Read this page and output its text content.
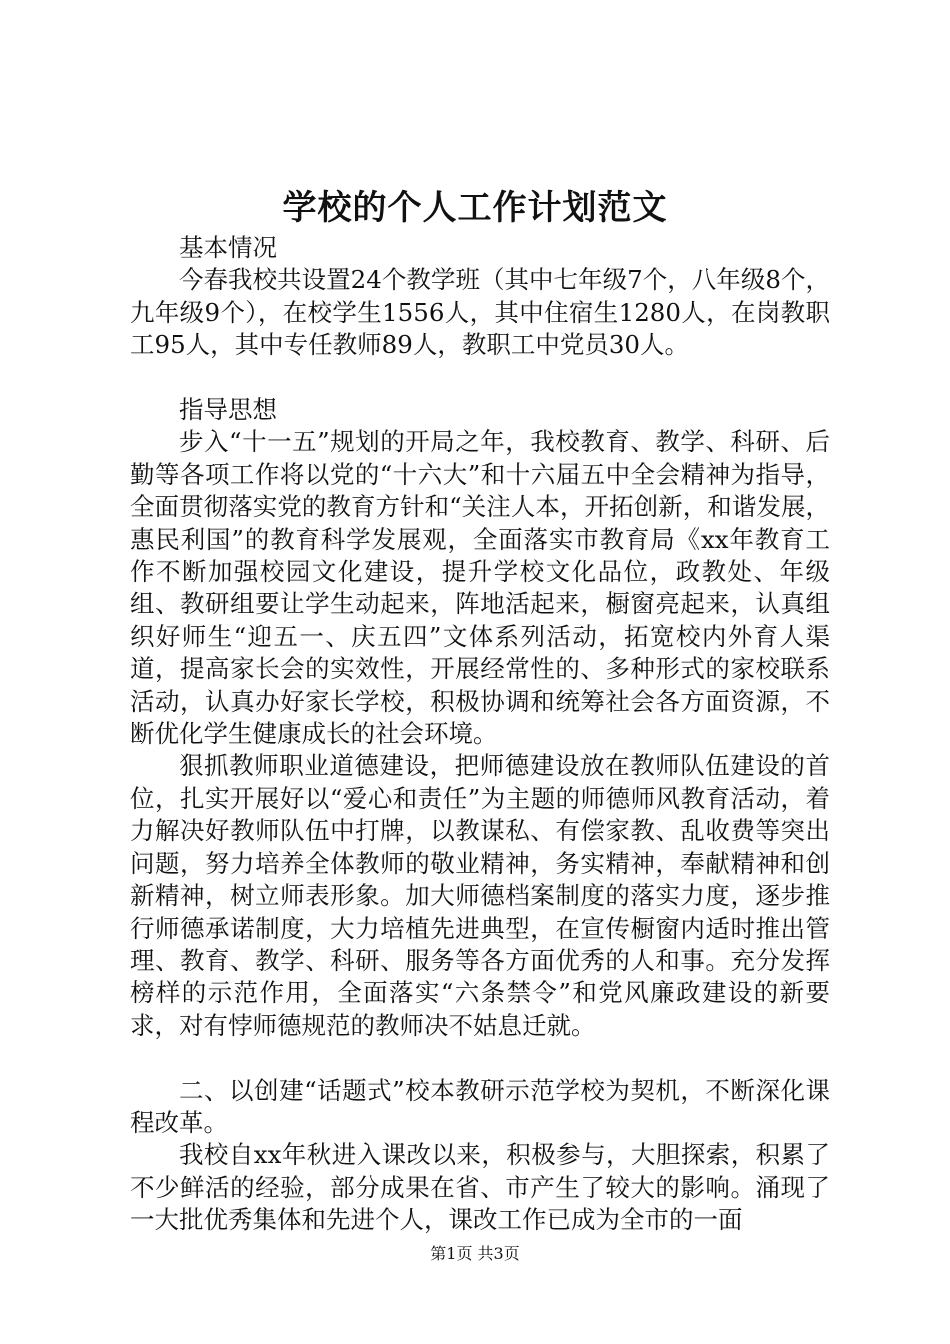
学校的个人工作计划范文

基本情况

今春我校共设置24个教学班（其中七年级7个，八年级8个，九年级9个），在校学生1556人，其中住宿生1280人，在岗教职工95人，其中专任教师89人，教职工中党员30人。

指导思想

步入“十一五”规划的开局之年，我校教育、教学、科研、后勤等各项工作将以党的“十六大”和十六届五中全会精神为指导，全面贯彻落实党的教育方针和“关注人本，开拓创新，和谐发展，惠民利国”的教育科学发展观，全面落实市教育局《xx年教育工作不断加强校园文化建设，提升学校文化品位，政教处、年级组、教研组要让学生动起来，阵地活起来，橱窗亮起来，认真组织好师生“迎五一、庆五四”文体系列活动，拓宽校内外育人渠道，提高家长会的实效性，开展经常性的、多种形式的家校联系活动，认真办好家长学校，积极协调和统筹社会各方面资源，不断优化学生健康成长的社会环境。

狠抓教师职业道德建设，把师德建设放在教师队伍建设的首位，扎实开展好以“爱心和责任”为主题的师德师风教育活动，着力解决好教师队伍中打牌，以教谋私、有偿家教、乱收费等突出问题，努力培养全体教师的敬业精神，务实精神，奉献精神和创新精神，树立师表形象。加大师德档案制度的落实力度，逐步推行师德承诺制度，大力培植先进典型，在宣传橱窗内适时推出管理、教育、教学、科研、服务等各方面优秀的人和事。充分发挥榜样的示范作用，全面落实“六条禁令”和党风廉政建设的新要求，对有悖师德规范的教师决不姑息迁就。

二、以创建“话题式”校本教研示范学校为契机，不断深化课程改革。

我校自xx年秋进入课改以来，积极参与，大胆探索，积累了不少鲜活的经验，部分成果在省、市产生了较大的影响。涌现了一大批优秀集体和先进个人，课改工作已成为全市的一面

第1页 共3页
